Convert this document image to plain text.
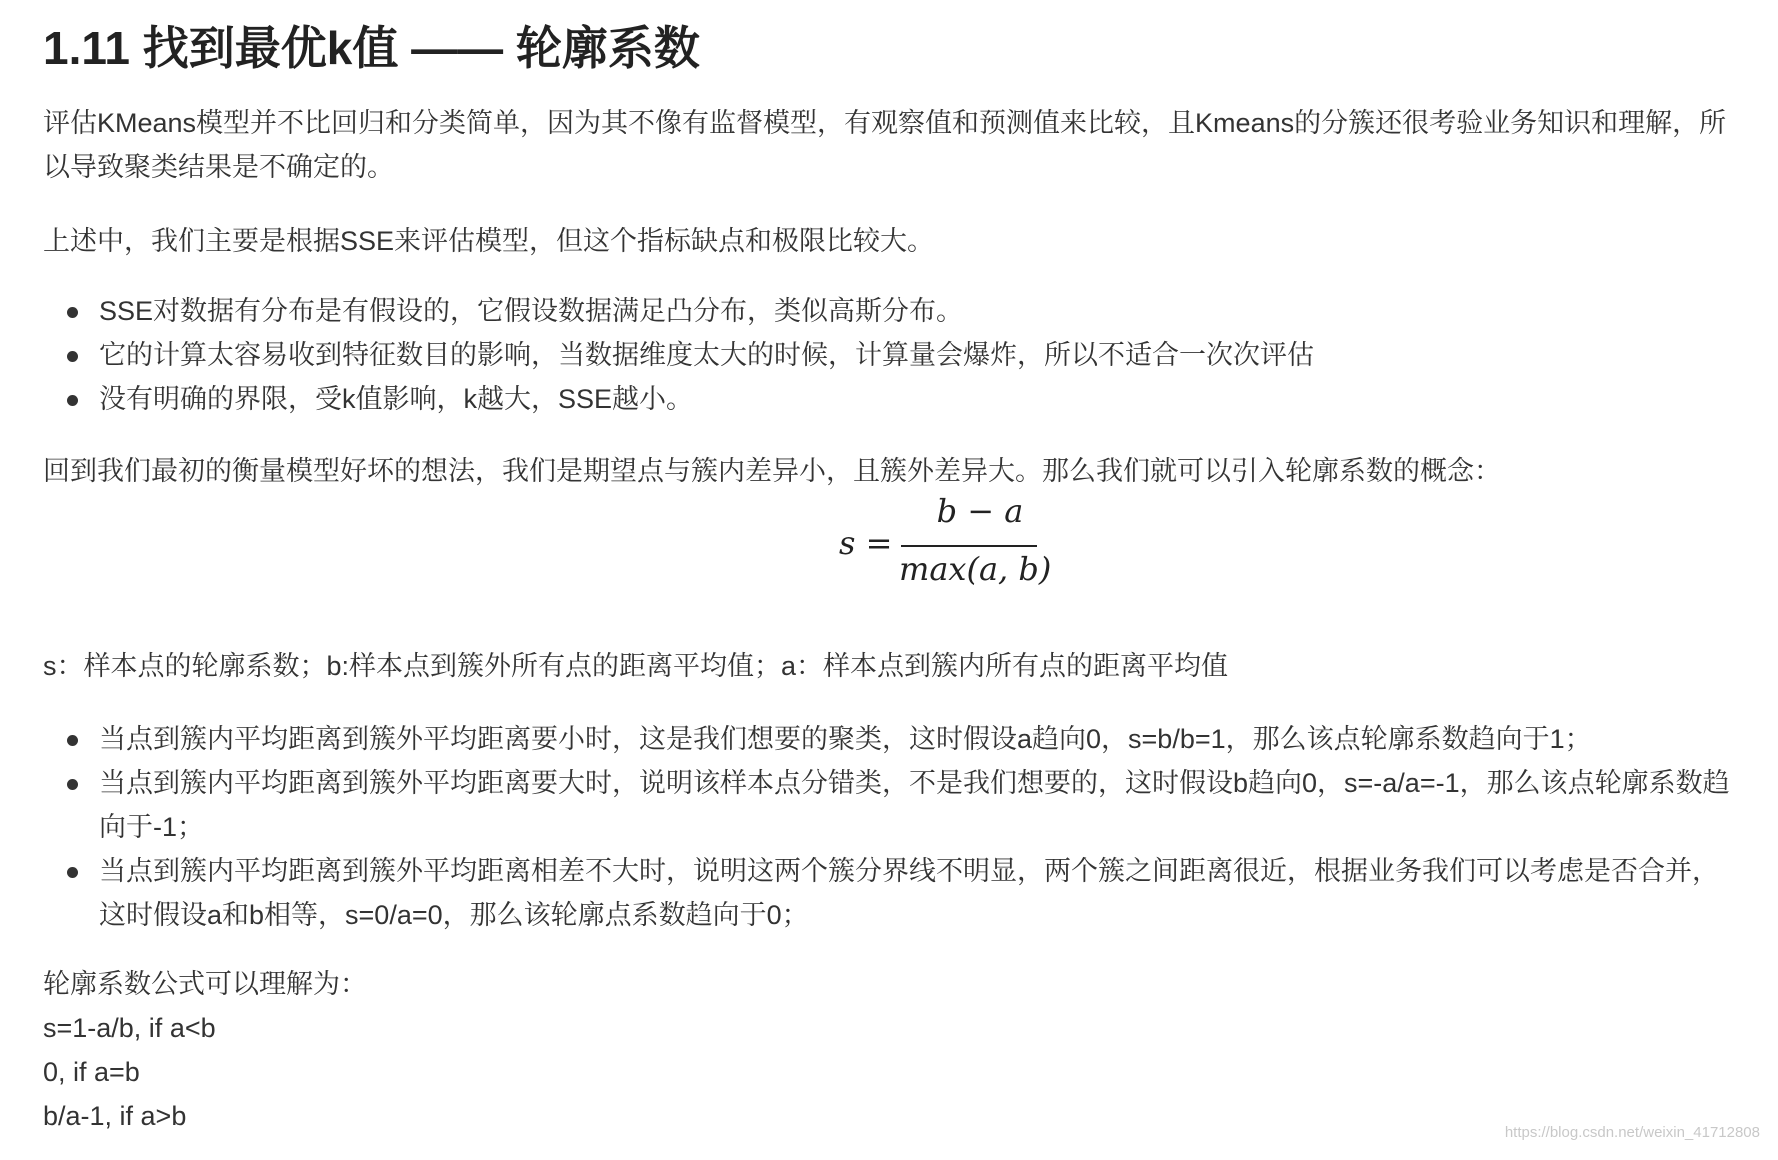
1.11 找到最优k值 —— 轮廓系数

评估KMeans模型并不比回归和分类简单，因为其不像有监督模型，有观察值和预测值来比较，且Kmeans的分簇还很考验业务知识和理解，所以导致聚类结果是不确定的。

上述中，我们主要是根据SSE来评估模型，但这个指标缺点和极限比较大。

SSE对数据有分布是有假设的，它假设数据满足凸分布，类似高斯分布。
它的计算太容易收到特征数目的影响，当数据维度太大的时候，计算量会爆炸，所以不适合一次次评估
没有明确的界限，受k值影响，k越大，SSE越小。

回到我们最初的衡量模型好坏的想法，我们是期望点与簇内差异小，且簇外差异大。那么我们就可以引入轮廓系数的概念：

s =
b − a
max(a, b)

s：样本点的轮廓系数；b:样本点到簇外所有点的距离平均值；a：样本点到簇内所有点的距离平均值

当点到簇内平均距离到簇外平均距离要小时，这是我们想要的聚类，这时假设a趋向0，s=b/b=1，那么该点轮廓系数趋向于1；
当点到簇内平均距离到簇外平均距离要大时，说明该样本点分错类，不是我们想要的，这时假设b趋向0，s=-a/a=-1，那么该点轮廓系数趋向于-1；
当点到簇内平均距离到簇外平均距离相差不大时，说明这两个簇分界线不明显，两个簇之间距离很近，根据业务我们可以考虑是否合并，这时假设a和b相等，s=0/a=0，那么该轮廓点系数趋向于0；

轮廓系数公式可以理解为：
s=1-a/b, if a<b
0, if a=b
b/a-1, if a>b

https://blog.csdn.net/weixin_41712808
